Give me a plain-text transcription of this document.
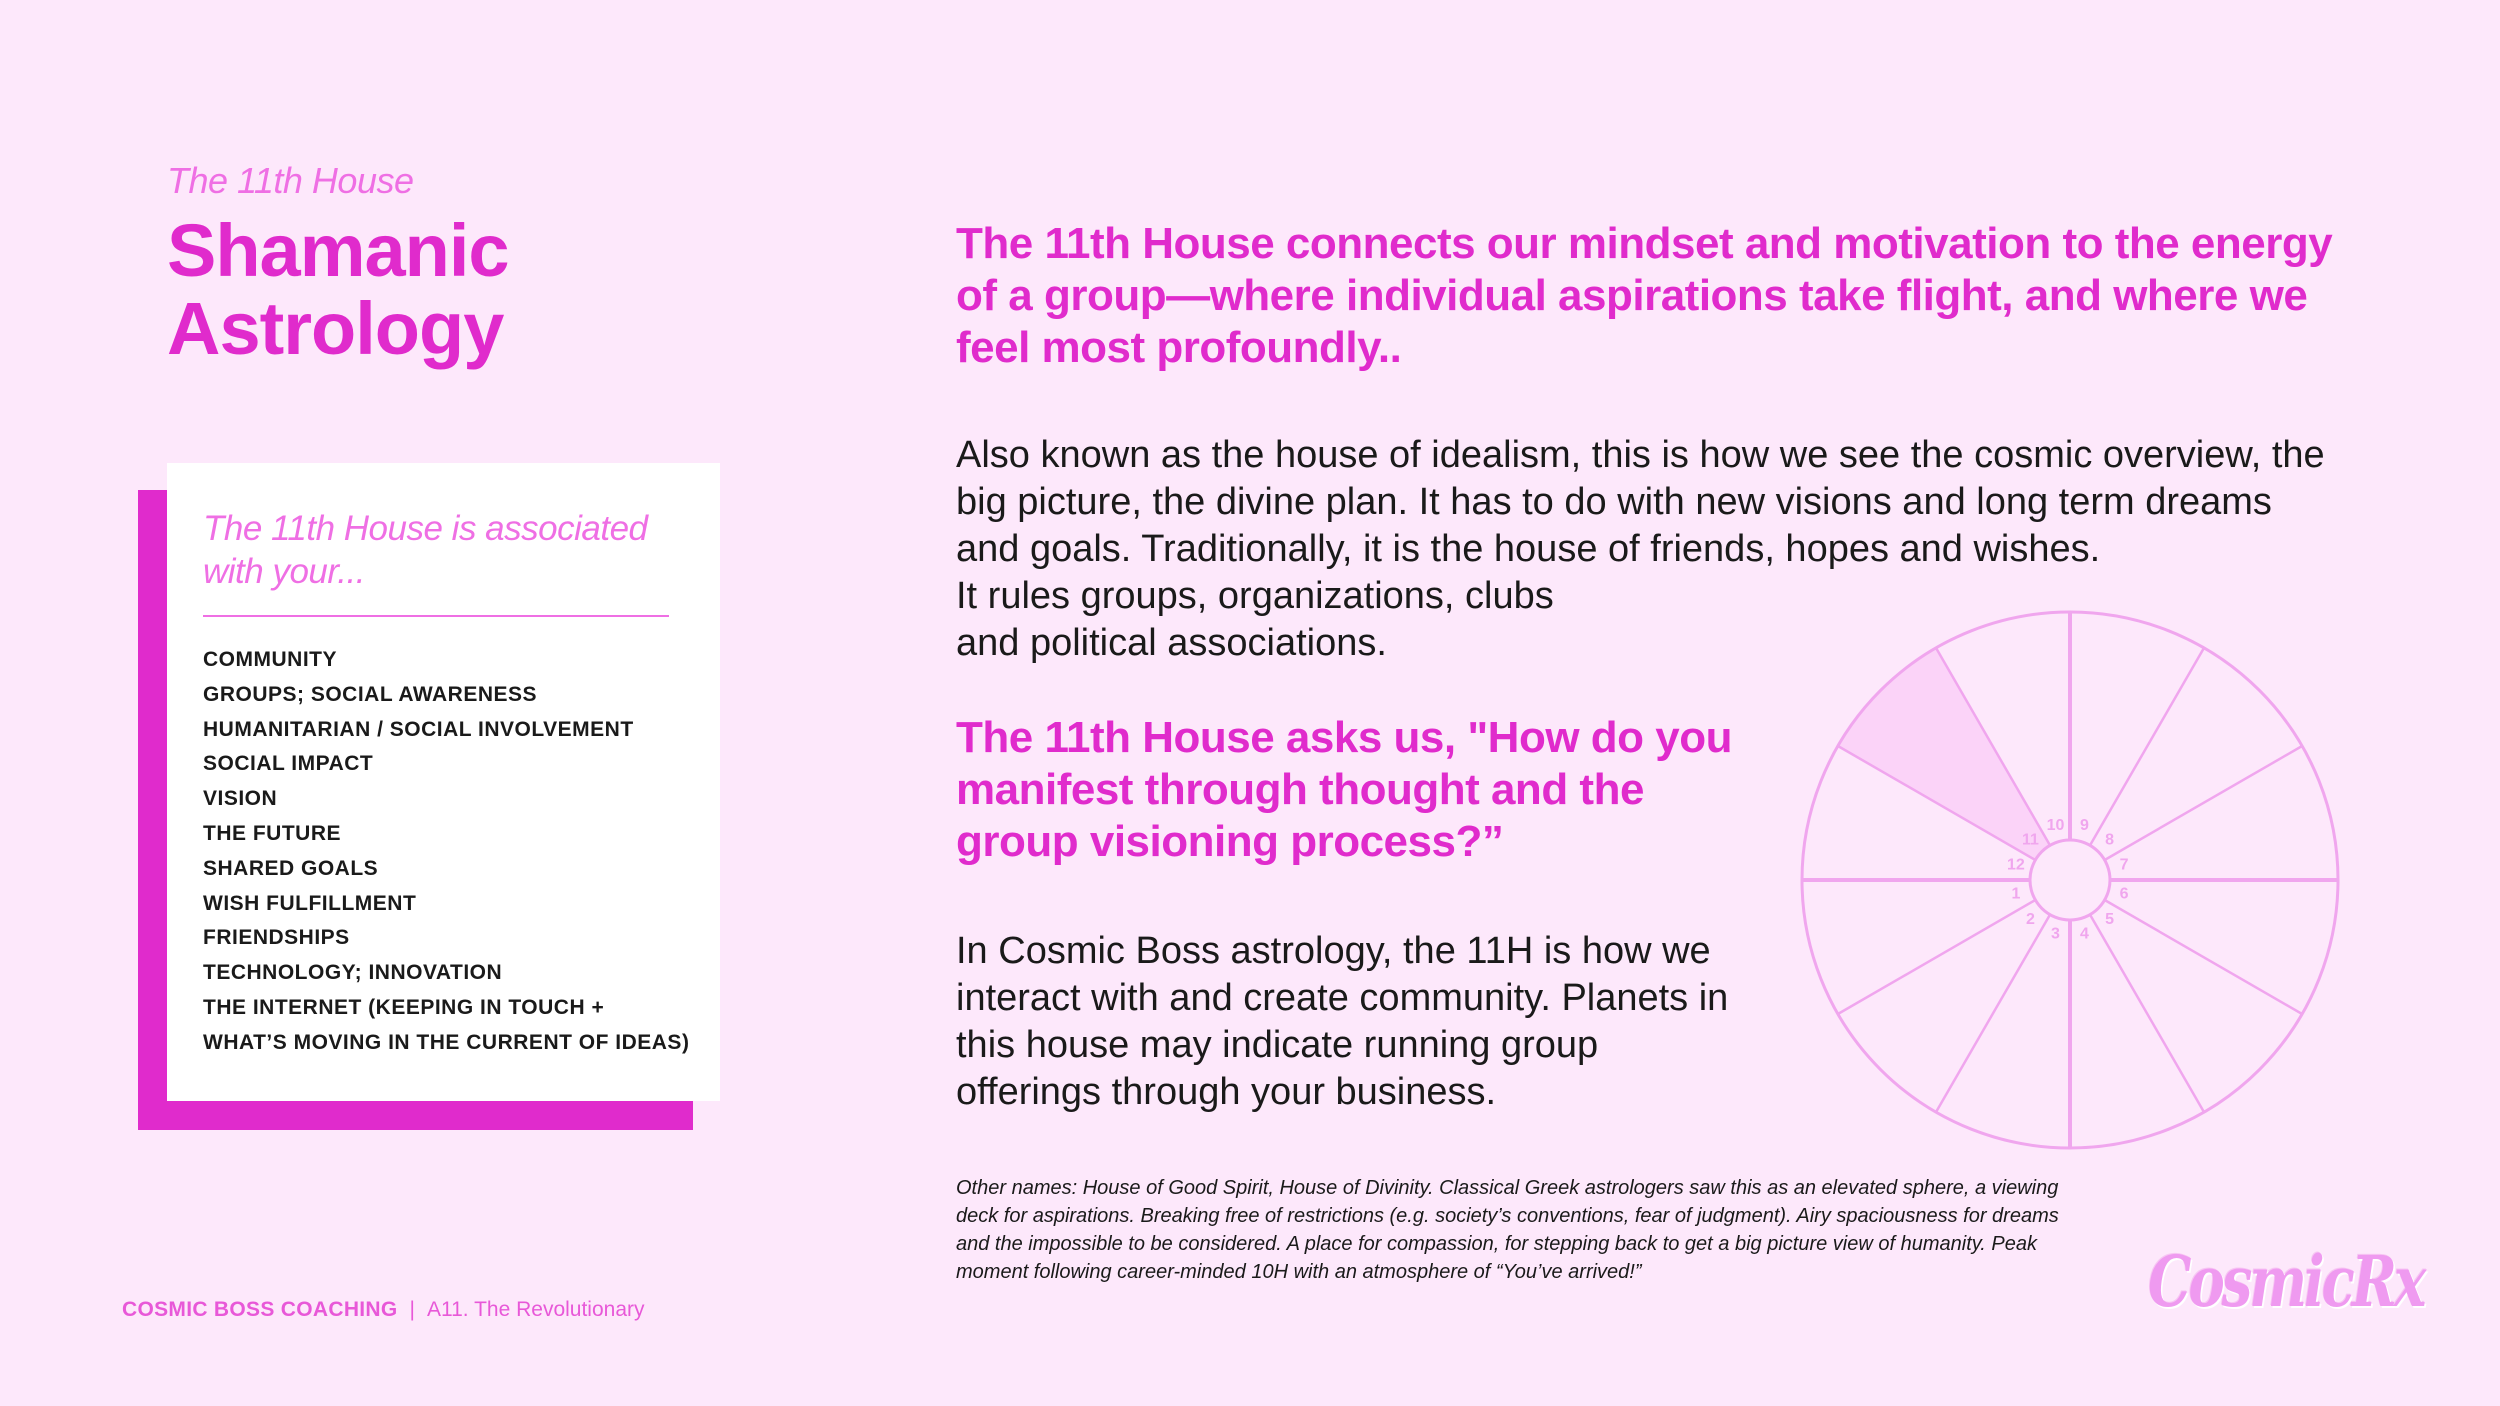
The 11th House
Shamanic Astrology

The 11th House is associated with your...

COMMUNITY
GROUPS; SOCIAL AWARENESS
HUMANITARIAN / SOCIAL INVOLVEMENT
SOCIAL IMPACT
VISION
THE FUTURE
SHARED GOALS
WISH FULFILLMENT
FRIENDSHIPS
TECHNOLOGY; INNOVATION
THE INTERNET (KEEPING IN TOUCH +
WHAT’S MOVING IN THE CURRENT OF IDEAS)

The 11th House connects our mindset and motivation to the energy of a group—where individual aspirations take flight, and where we feel most profoundly..

Also known as the house of idealism, this is how we see the cosmic overview, the big picture, the divine plan. It has to do with new visions and long term dreams and goals. Traditionally, it is the house of friends, hopes and wishes.
It rules groups, organizations, clubs and political associations.

The 11th House asks us, "How do you manifest through thought and the group visioning process?”

In Cosmic Boss astrology, the 11H is how we interact with and create community. Planets in this house may indicate running group offerings through your business.

1
2
3 4
5
6
7
8
9
10
11
12

Other names: House of Good Spirit, House of Divinity. Classical Greek astrologers saw this as an elevated sphere, a viewing deck for aspirations. Breaking free of restrictions (e.g. society’s conventions, fear of judgment). Airy spaciousness for dreams and the impossible to be considered. A place for compassion, for stepping back to get a big picture view of humanity. Peak moment following career-minded 10H with an atmosphere of “You’ve arrived!”

COSMIC BOSS COACHING | A11. The Revolutionary	CosmicRx
